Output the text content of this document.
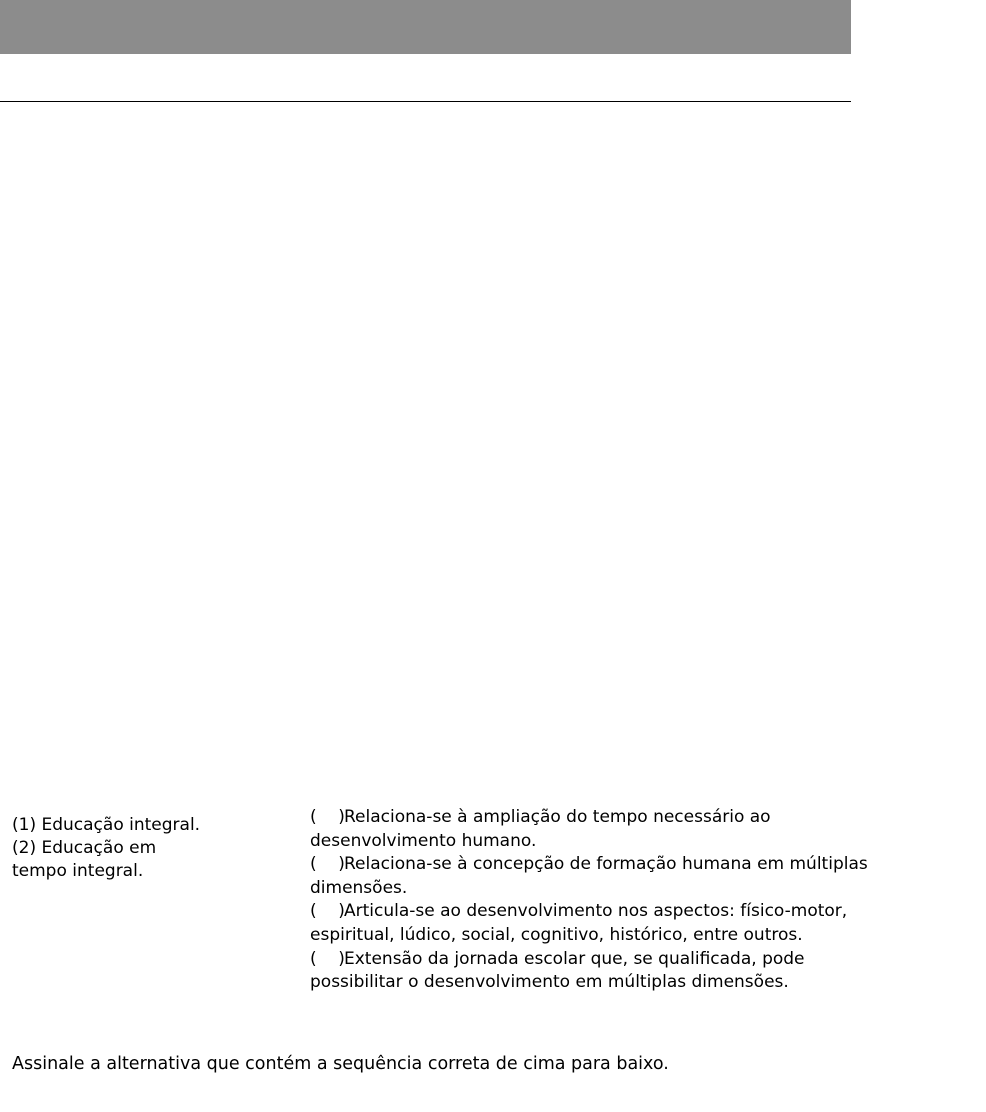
(1) Educação integral.
(2) Educação em
tempo integral.
(    )Relaciona-se à ampliação do tempo necessário ao
desenvolvimento humano.
(    )Relaciona-se à concepção de formação humana em múltiplas
dimensões.
(    )Articula-se ao desenvolvimento nos aspectos: físico-motor,
espiritual, lúdico, social, cognitivo, histórico, entre outros.
(    )Extensão da jornada escolar que, se qualificada, pode
possibilitar o desenvolvimento em múltiplas dimensões.
Assinale a alternativa que contém a sequência correta de cima para baixo.
